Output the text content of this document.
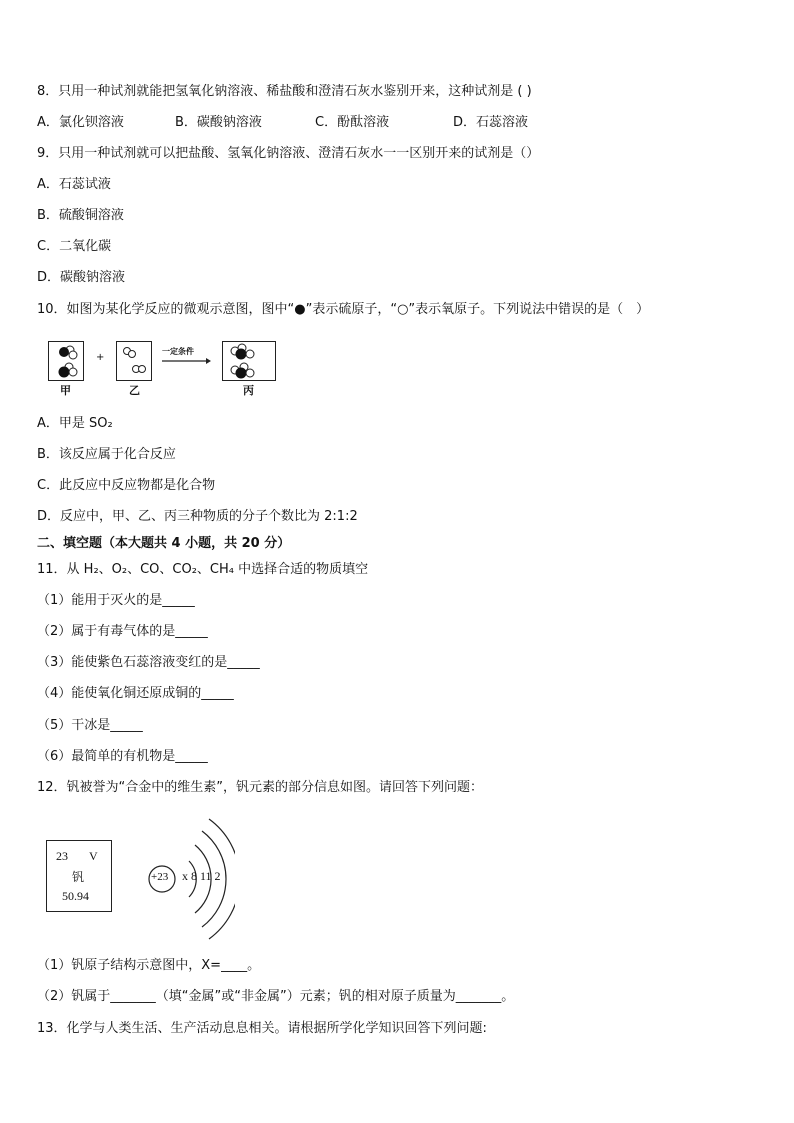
8．只用一种试剂就能把氢氧化钠溶液、稀盐酸和澄清石灰水鉴别开来，这种试剂是 ( )
A．氯化钡溶液	B．碳酸钠溶液	C．酚酞溶液	D．石蕊溶液
9．只用一种试剂就可以把盐酸、氢氧化钠溶液、澄清石灰水一一区别开来的试剂是（）
A．石蕊试液
B．硫酸铜溶液
C．二氧化碳
D．碳酸钠溶液
10．如图为某化学反应的微观示意图，图中“●”表示硫原子，“○”表示氧原子。下列说法中错误的是（　）
甲
+
乙
一定条件
丙
A．甲是 SO₂
B．该反应属于化合反应
C．此反应中反应物都是化合物
D．反应中，甲、乙、丙三种物质的分子个数比为 2:1:2
二、填空题（本大题共 4 小题，共 20 分）
11．从 H₂、O₂、CO、CO₂、CH₄ 中选择合适的物质填空
（1）能用于灭火的是_____
（2）属于有毒气体的是_____
（3）能使紫色石蕊溶液变红的是_____
（4）能使氧化铜还原成铜的_____
（5）干冰是_____
（6）最简单的有机物是_____
12．钒被誉为“合金中的维生素”，钒元素的部分信息如图。请回答下列问题：
23 V
钒
50.94
+23 x 8 11 2
（1）钒原子结构示意图中，X=____。
（2）钒属于_______（填“金属”或“非金属”）元素；钒的相对原子质量为_______。
13．化学与人类生活、生产活动息息相关。请根据所学化学知识回答下列问题:
